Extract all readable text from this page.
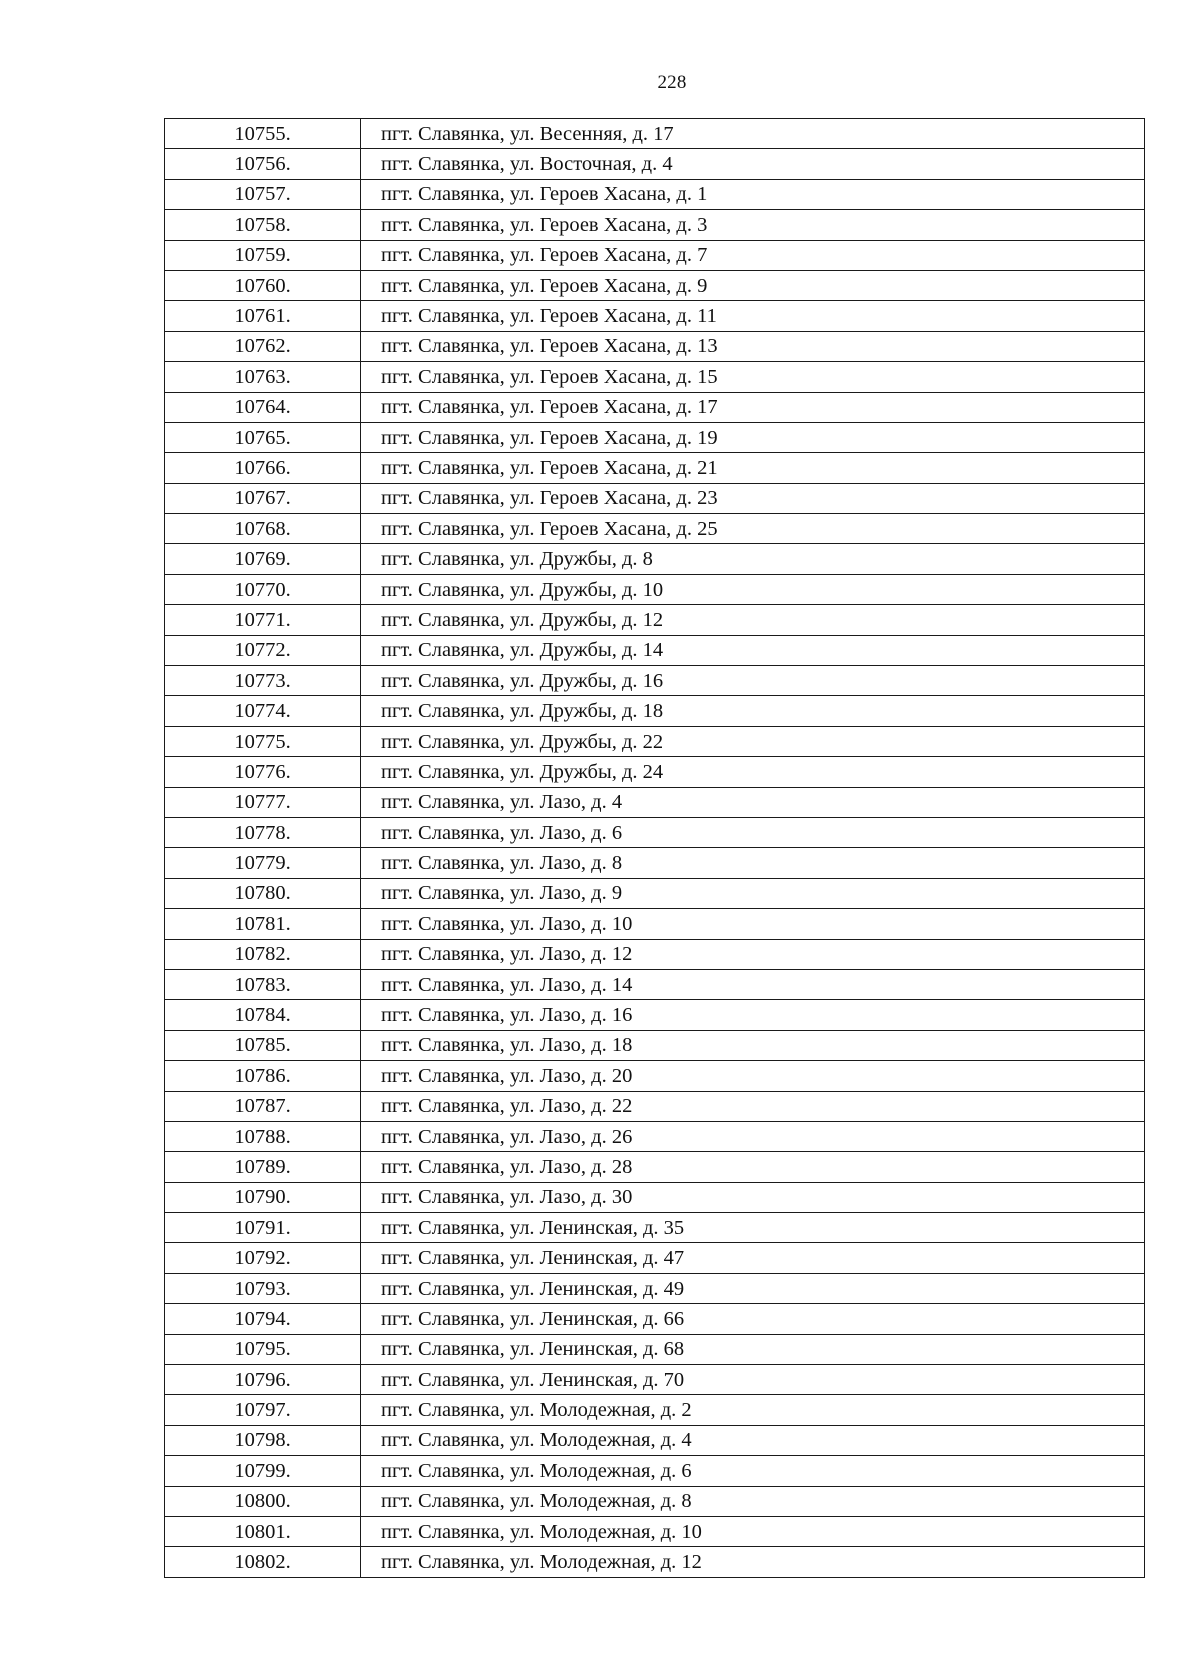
228
10755.	пгт. Славянка, ул. Весенняя, д. 17
10756.	пгт. Славянка, ул. Восточная, д. 4
10757.	пгт. Славянка, ул. Героев Хасана, д. 1
10758.	пгт. Славянка, ул. Героев Хасана, д. 3
10759.	пгт. Славянка, ул. Героев Хасана, д. 7
10760.	пгт. Славянка, ул. Героев Хасана, д. 9
10761.	пгт. Славянка, ул. Героев Хасана, д. 11
10762.	пгт. Славянка, ул. Героев Хасана, д. 13
10763.	пгт. Славянка, ул. Героев Хасана, д. 15
10764.	пгт. Славянка, ул. Героев Хасана, д. 17
10765.	пгт. Славянка, ул. Героев Хасана, д. 19
10766.	пгт. Славянка, ул. Героев Хасана, д. 21
10767.	пгт. Славянка, ул. Героев Хасана, д. 23
10768.	пгт. Славянка, ул. Героев Хасана, д. 25
10769.	пгт. Славянка, ул. Дружбы, д. 8
10770.	пгт. Славянка, ул. Дружбы, д. 10
10771.	пгт. Славянка, ул. Дружбы, д. 12
10772.	пгт. Славянка, ул. Дружбы, д. 14
10773.	пгт. Славянка, ул. Дружбы, д. 16
10774.	пгт. Славянка, ул. Дружбы, д. 18
10775.	пгт. Славянка, ул. Дружбы, д. 22
10776.	пгт. Славянка, ул. Дружбы, д. 24
10777.	пгт. Славянка, ул. Лазо, д. 4
10778.	пгт. Славянка, ул. Лазо, д. 6
10779.	пгт. Славянка, ул. Лазо, д. 8
10780.	пгт. Славянка, ул. Лазо, д. 9
10781.	пгт. Славянка, ул. Лазо, д. 10
10782.	пгт. Славянка, ул. Лазо, д. 12
10783.	пгт. Славянка, ул. Лазо, д. 14
10784.	пгт. Славянка, ул. Лазо, д. 16
10785.	пгт. Славянка, ул. Лазо, д. 18
10786.	пгт. Славянка, ул. Лазо, д. 20
10787.	пгт. Славянка, ул. Лазо, д. 22
10788.	пгт. Славянка, ул. Лазо, д. 26
10789.	пгт. Славянка, ул. Лазо, д. 28
10790.	пгт. Славянка, ул. Лазо, д. 30
10791.	пгт. Славянка, ул. Ленинская, д. 35
10792.	пгт. Славянка, ул. Ленинская, д. 47
10793.	пгт. Славянка, ул. Ленинская, д. 49
10794.	пгт. Славянка, ул. Ленинская, д. 66
10795.	пгт. Славянка, ул. Ленинская, д. 68
10796.	пгт. Славянка, ул. Ленинская, д. 70
10797.	пгт. Славянка, ул. Молодежная, д. 2
10798.	пгт. Славянка, ул. Молодежная, д. 4
10799.	пгт. Славянка, ул. Молодежная, д. 6
10800.	пгт. Славянка, ул. Молодежная, д. 8
10801.	пгт. Славянка, ул. Молодежная, д. 10
10802.	пгт. Славянка, ул. Молодежная, д. 12
